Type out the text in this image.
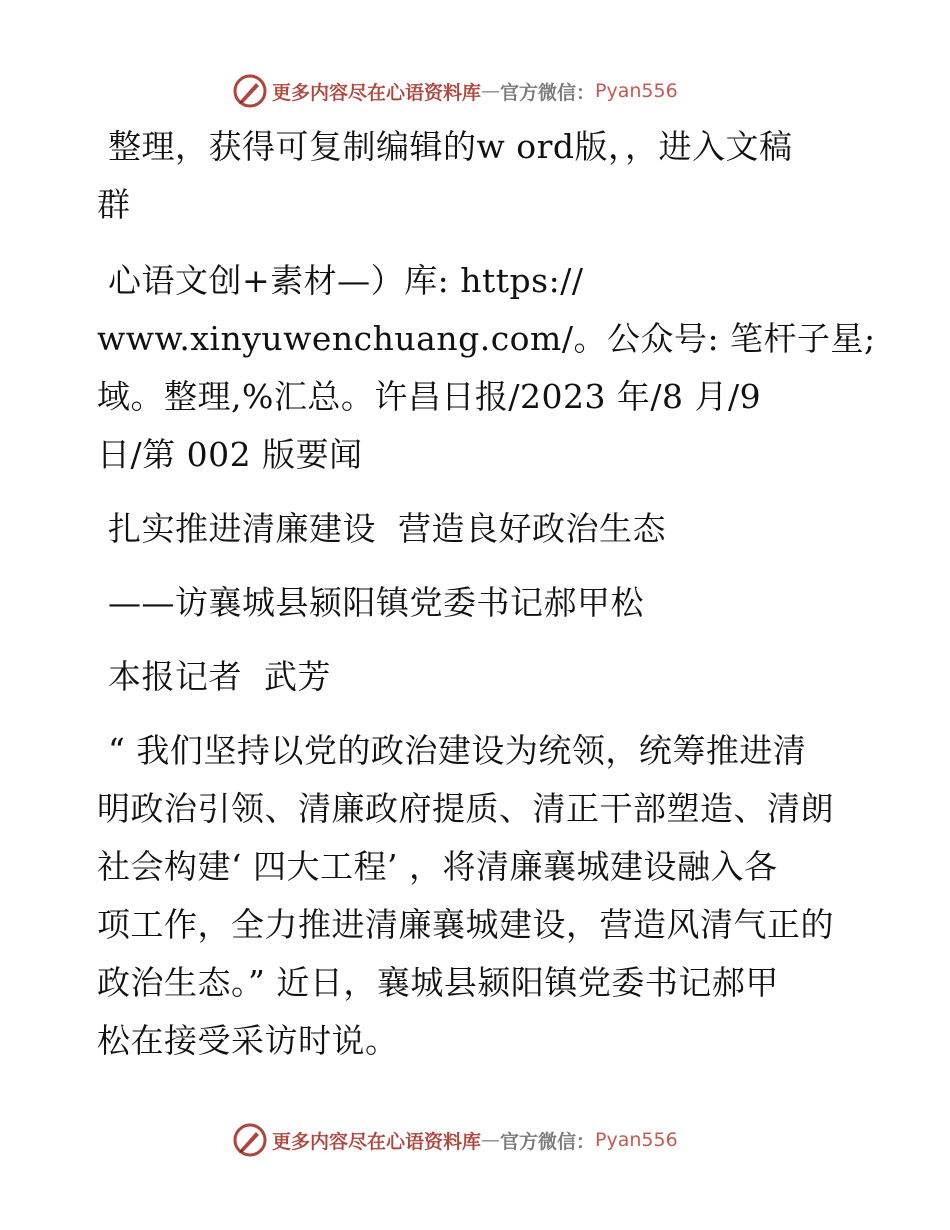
更多内容尽在心语资料库 — 官方微信： Pyan556
整理，获得可复制编辑的w ord版，，进入文稿
群
心语文创+素材—）库: https://
www.xinyuwenchuang.com/。公众号: 笔杆子星;
域。整理,%汇总。许昌日报/2023 年/8 月/9
日/第 002 版要闻
扎实推进清廉建设  营造良好政治生态
——访襄城县颍阳镇党委书记郝甲松
本报记者  武芳
“ 我们坚持以党的政治建设为统领，统筹推进清
明政治引领、清廉政府提质、清正干部塑造、清朗
社会构建‘ 四大工程’ ，将清廉襄城建设融入各
项工作，全力推进清廉襄城建设，营造风清气正的
政治生态。” 近日，襄城县颍阳镇党委书记郝甲
松在接受采访时说。
更多内容尽在心语资料库 — 官方微信： Pyan556
